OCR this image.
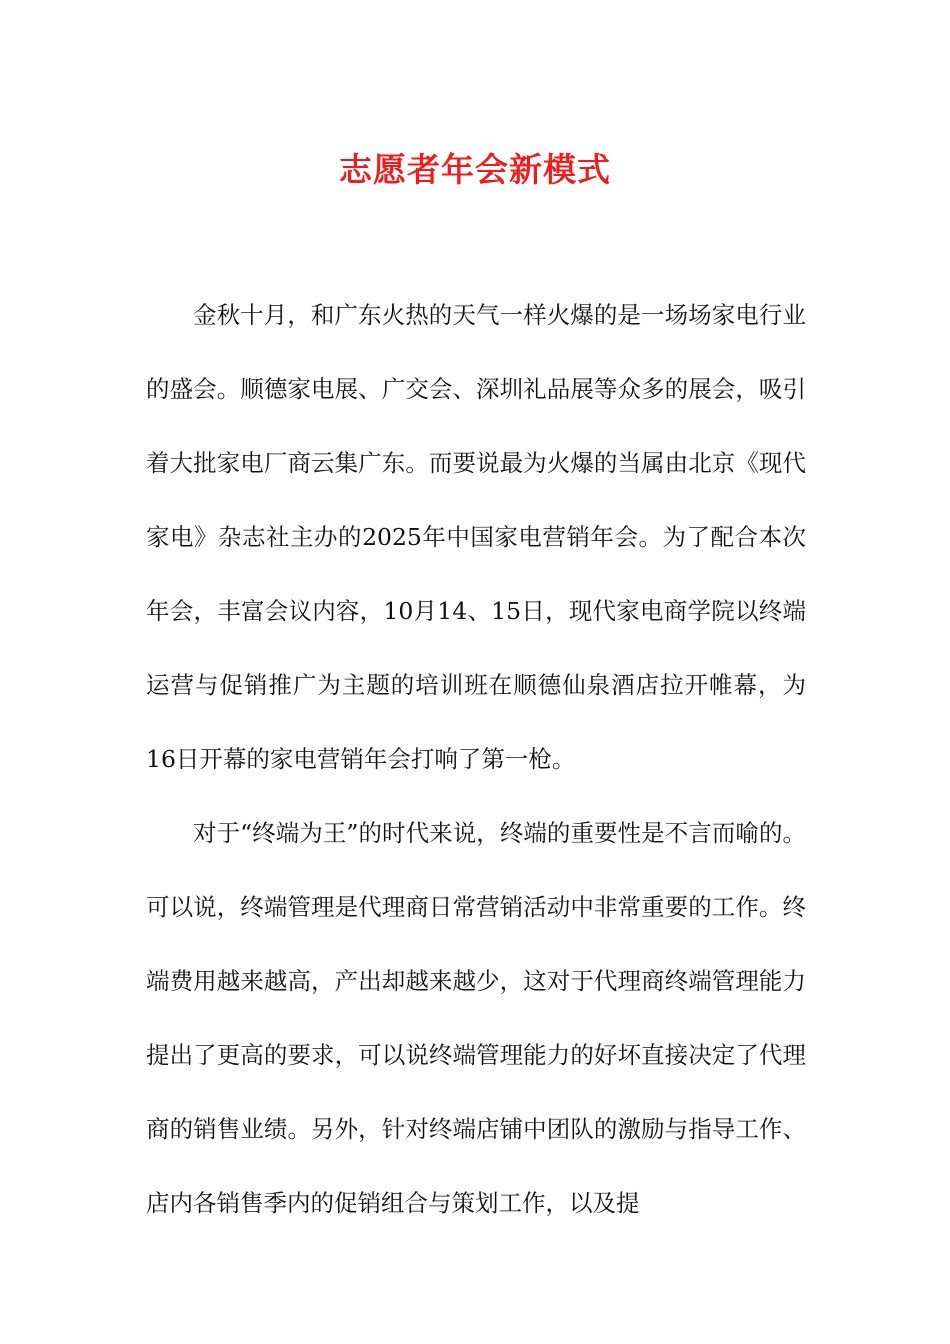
志愿者年会新模式

金秋十月，和广东火热的天气一样火爆的是一场场家电行业的盛会。顺德家电展、广交会、深圳礼品展等众多的展会，吸引着大批家电厂商云集广东。而要说最为火爆的当属由北京《现代家电》杂志社主办的2025年中国家电营销年会。为了配合本次年会，丰富会议内容，10月14、15日，现代家电商学院以终端运营与促销推广为主题的培训班在顺德仙泉酒店拉开帷幕，为16日开幕的家电营销年会打响了第一枪。

对于“终端为王”的时代来说，终端的重要性是不言而喻的。可以说，终端管理是代理商日常营销活动中非常重要的工作。终端费用越来越高，产出却越来越少，这对于代理商终端管理能力提出了更高的要求，可以说终端管理能力的好坏直接决定了代理商的销售业绩。另外，针对终端店铺中团队的激励与指导工作、店内各销售季内的促销组合与策划工作，以及提
